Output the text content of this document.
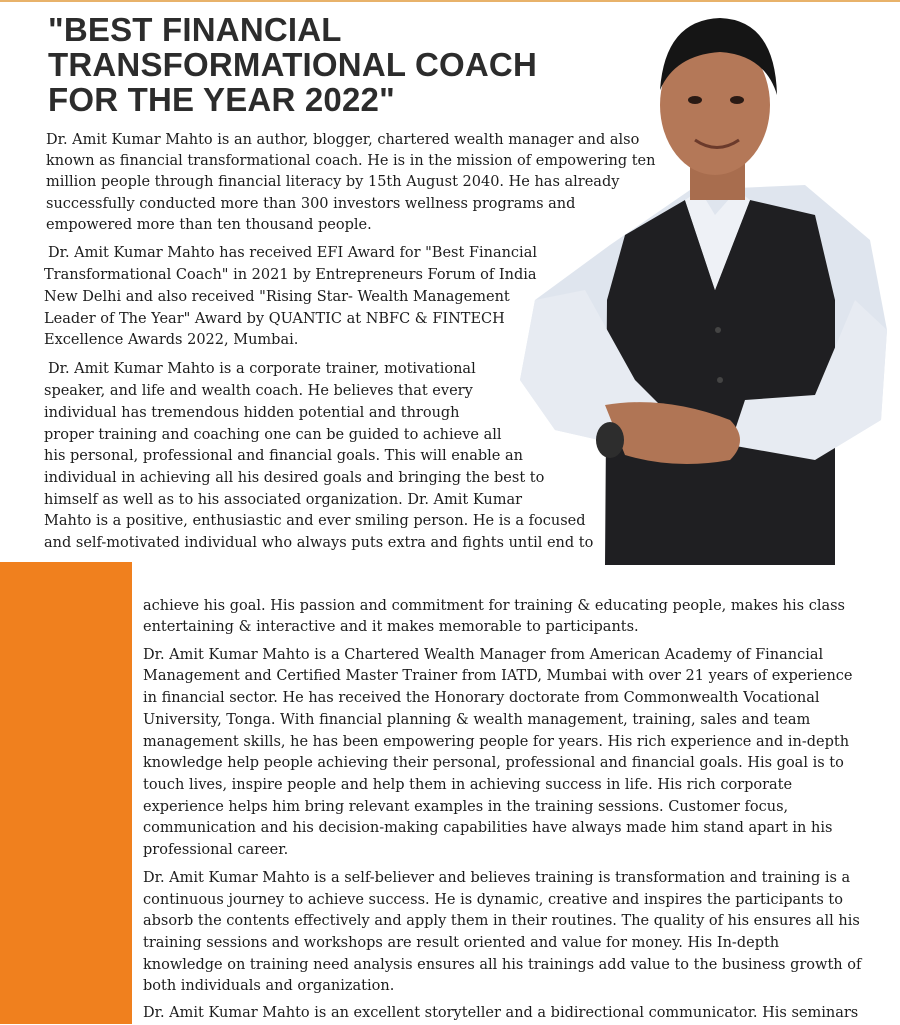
"BEST FINANCIAL
TRANSFORMATIONAL COACH
FOR THE YEAR 2022"
Dr. Amit Kumar Mahto is an author, blogger, chartered wealth manager and also
known as financial transformational coach. He is in the mission of empowering ten
million people through financial literacy by 15th August 2040. He has already
successfully conducted more than 300 investors wellness programs and
empowered more than ten thousand people.
Dr. Amit Kumar Mahto has received EFI Award for "Best Financial
Transformational Coach" in 2021 by Entrepreneurs Forum of India
New Delhi and also received "Rising Star- Wealth Management
Leader of The Year" Award by QUANTIC at NBFC & FINTECH
Excellence Awards 2022, Mumbai.
Dr. Amit Kumar Mahto is a corporate trainer, motivational
speaker, and life and wealth coach. He believes that every
individual has tremendous hidden potential and through
proper training and coaching one can be guided to achieve all
his personal, professional and financial goals. This will enable an
individual in achieving all his desired goals and bringing the best to
himself as well as to his associated organization. Dr. Amit Kumar
Mahto is a positive, enthusiastic and ever smiling person. He is a focused
and self-motivated individual who always puts extra and fights until end to
achieve his goal. His passion and commitment for training & educating people, makes his class
entertaining & interactive and it makes memorable to participants.
Dr. Amit Kumar Mahto is a Chartered Wealth Manager from American Academy of Financial
Management and Certified Master Trainer from IATD, Mumbai with over 21 years of experience
in financial sector. He has received the Honorary doctorate from Commonwealth Vocational
University, Tonga. With financial planning & wealth management, training, sales and team
management skills, he has been empowering people for years. His rich experience and in-depth
knowledge help people achieving their personal, professional and financial goals. His goal is to
touch lives, inspire people and help them in achieving success in life. His rich corporate
experience helps him bring relevant examples in the training sessions. Customer focus,
communication and his decision-making capabilities have always made him stand apart in his
professional career.
Dr. Amit Kumar Mahto is a self-believer and believes training is transformation and training is a
continuous journey to achieve success. He is dynamic, creative and inspires the participants to
absorb the contents effectively and apply them in their routines. The quality of his ensures all his
training sessions and workshops are result oriented and value for money. His In-depth
knowledge on training need analysis ensures all his trainings add value to the business growth of
both individuals and organization.
Dr. Amit Kumar Mahto is an excellent storyteller and a bidirectional communicator. His seminars
